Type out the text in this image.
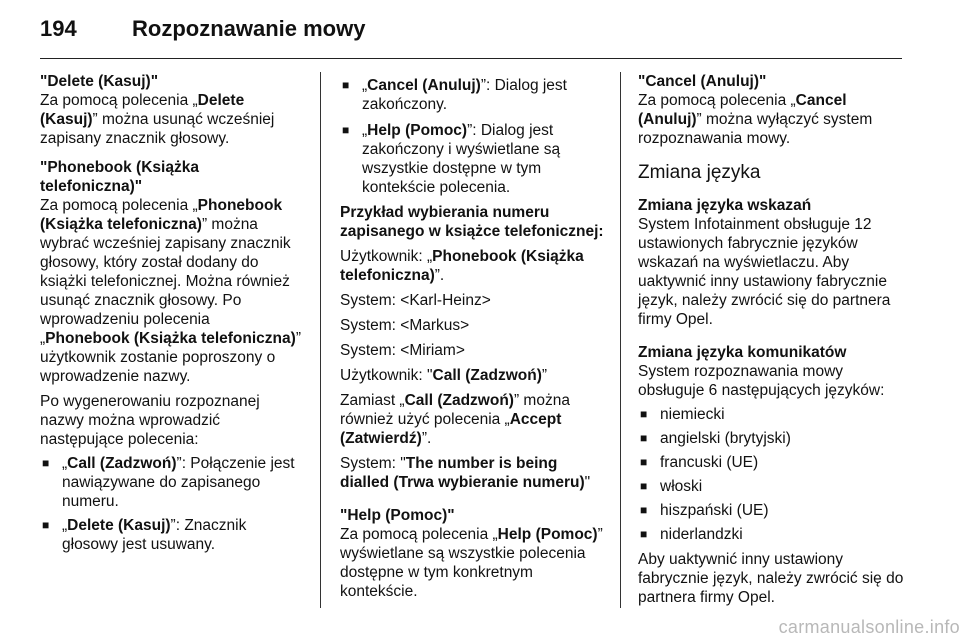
194	Rozpoznawanie mowy

"Delete (Kasuj)"

Za pomocą polecenia „Delete (Kasuj)” można usunąć wcześniej zapisany znacznik głosowy.

"Phonebook (Książka telefoniczna)"

Za pomocą polecenia „Phonebook (Książka telefoniczna)” można wybrać wcześniej zapisany znacznik głosowy, który został dodany do książki telefonicznej. Można również usunąć znacznik głosowy. Po wprowadzeniu polecenia „Phonebook (Książka telefoniczna)” użytkownik zostanie poproszony o wprowadzenie nazwy.

Po wygenerowaniu rozpoznanej nazwy można wprowadzić następujące polecenia:

■ „Call (Zadzwoń)”: Połączenie jest nawiązywane do zapisanego numeru.
■ „Delete (Kasuj)”: Znacznik głosowy jest usuwany.
■ „Cancel (Anuluj)”: Dialog jest zakończony.
■ „Help (Pomoc)”: Dialog jest zakończony i wyświetlane są wszystkie dostępne w tym kontekście polecenia.

Przykład wybierania numeru zapisanego w książce telefonicznej:

Użytkownik: „Phonebook (Książka telefoniczna)”.

System: <Karl-Heinz>

System: <Markus>

System: <Miriam>

Użytkownik: "Call (Zadzwoń)”

Zamiast „Call (Zadzwoń)” można również użyć polecenia „Accept (Zatwierdź)”.

System: "The number is being dialled (Trwa wybieranie numeru)"

"Help (Pomoc)"

Za pomocą polecenia „Help (Pomoc)” wyświetlane są wszystkie polecenia dostępne w tym konkretnym kontekście.

"Cancel (Anuluj)"

Za pomocą polecenia „Cancel (Anuluj)” można wyłączyć system rozpoznawania mowy.

Zmiana języka

Zmiana języka wskazań

System Infotainment obsługuje 12 ustawionych fabrycznie języków wskazań na wyświetlaczu. Aby uaktywnić inny ustawiony fabrycznie język, należy zwrócić się do partnera firmy Opel.

Zmiana języka komunikatów

System rozpoznawania mowy obsługuje 6 następujących języków:

■ niemiecki
■ angielski (brytyjski)
■ francuski (UE)
■ włoski
■ hiszpański (UE)
■ niderlandzki

Aby uaktywnić inny ustawiony fabrycznie język, należy zwrócić się do partnera firmy Opel.

carmanualsonline.info
